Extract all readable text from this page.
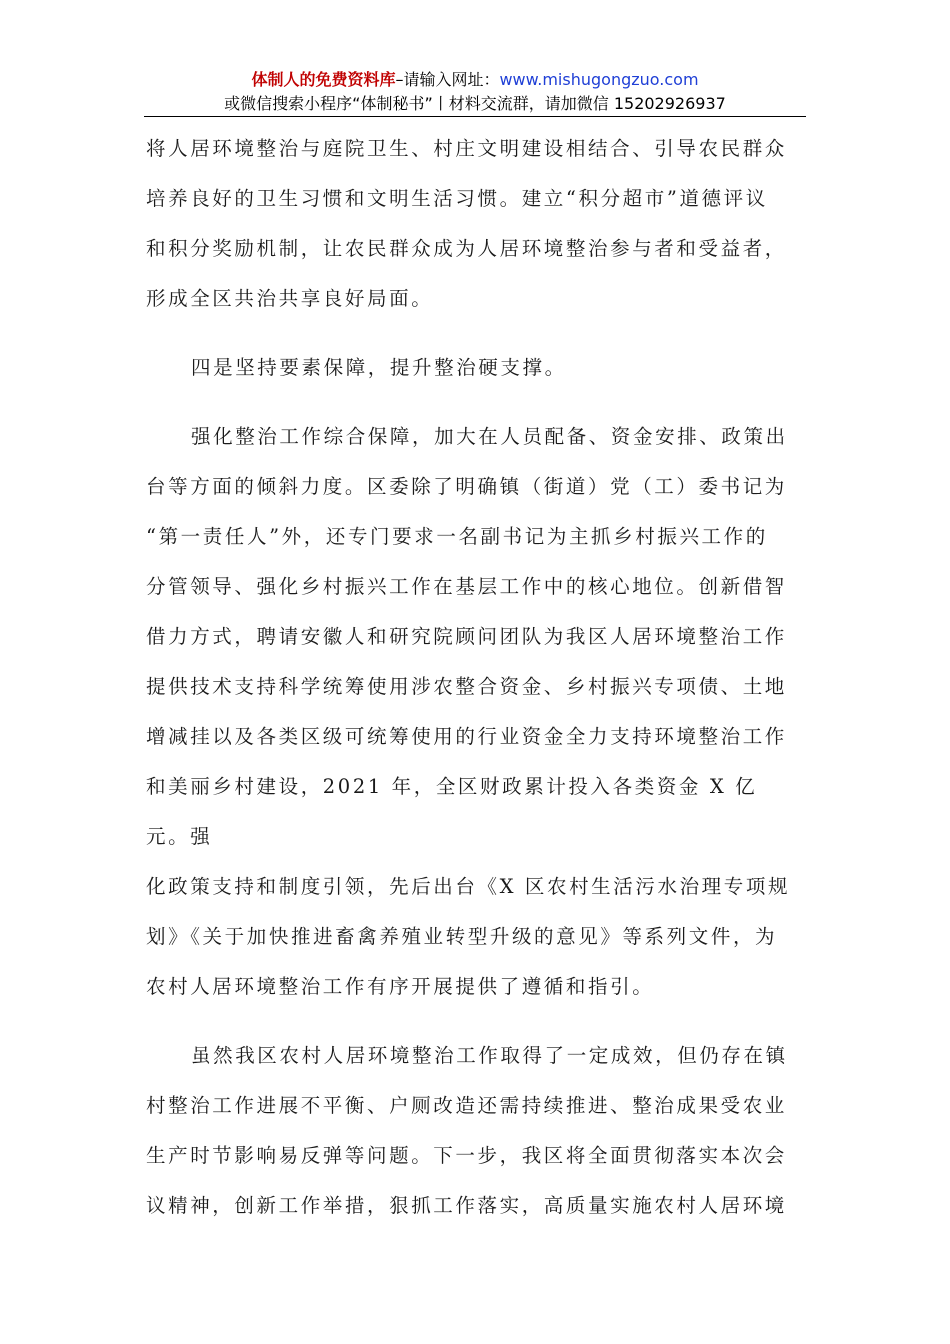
体制人的免费资料库–请输入网址：www.mishugongzuo.com
或微信搜索小程序“体制秘书”丨材料交流群，请加微信 15202926937

将人居环境整治与庭院卫生、村庄文明建设相结合、引导农民群众
培养良好的卫生习惯和文明生活习惯。建立“积分超市”道德评议
和积分奖励机制，让农民群众成为人居环境整治参与者和受益者，
形成全区共治共享良好局面。

四是坚持要素保障，提升整治硬支撑。

强化整治工作综合保障，加大在人员配备、资金安排、政策出
台等方面的倾斜力度。区委除了明确镇（街道）党（工）委书记为
“第一责任人”外，还专门要求一名副书记为主抓乡村振兴工作的
分管领导、强化乡村振兴工作在基层工作中的核心地位。创新借智
借力方式，聘请安徽人和研究院顾问团队为我区人居环境整治工作
提供技术支持科学统筹使用涉农整合资金、乡村振兴专项债、土地
增减挂以及各类区级可统筹使用的行业资金全力支持环境整治工作
和美丽乡村建设，2021 年，全区财政累计投入各类资金 X 亿元。强
化政策支持和制度引领，先后出台《X 区农村生活污水治理专项规
划》《关于加快推进畜禽养殖业转型升级的意见》等系列文件，为
农村人居环境整治工作有序开展提供了遵循和指引。

虽然我区农村人居环境整治工作取得了一定成效，但仍存在镇
村整治工作进展不平衡、户厕改造还需持续推进、整治成果受农业
生产时节影响易反弹等问题。下一步，我区将全面贯彻落实本次会
议精神，创新工作举措，狠抓工作落实，高质量实施农村人居环境
